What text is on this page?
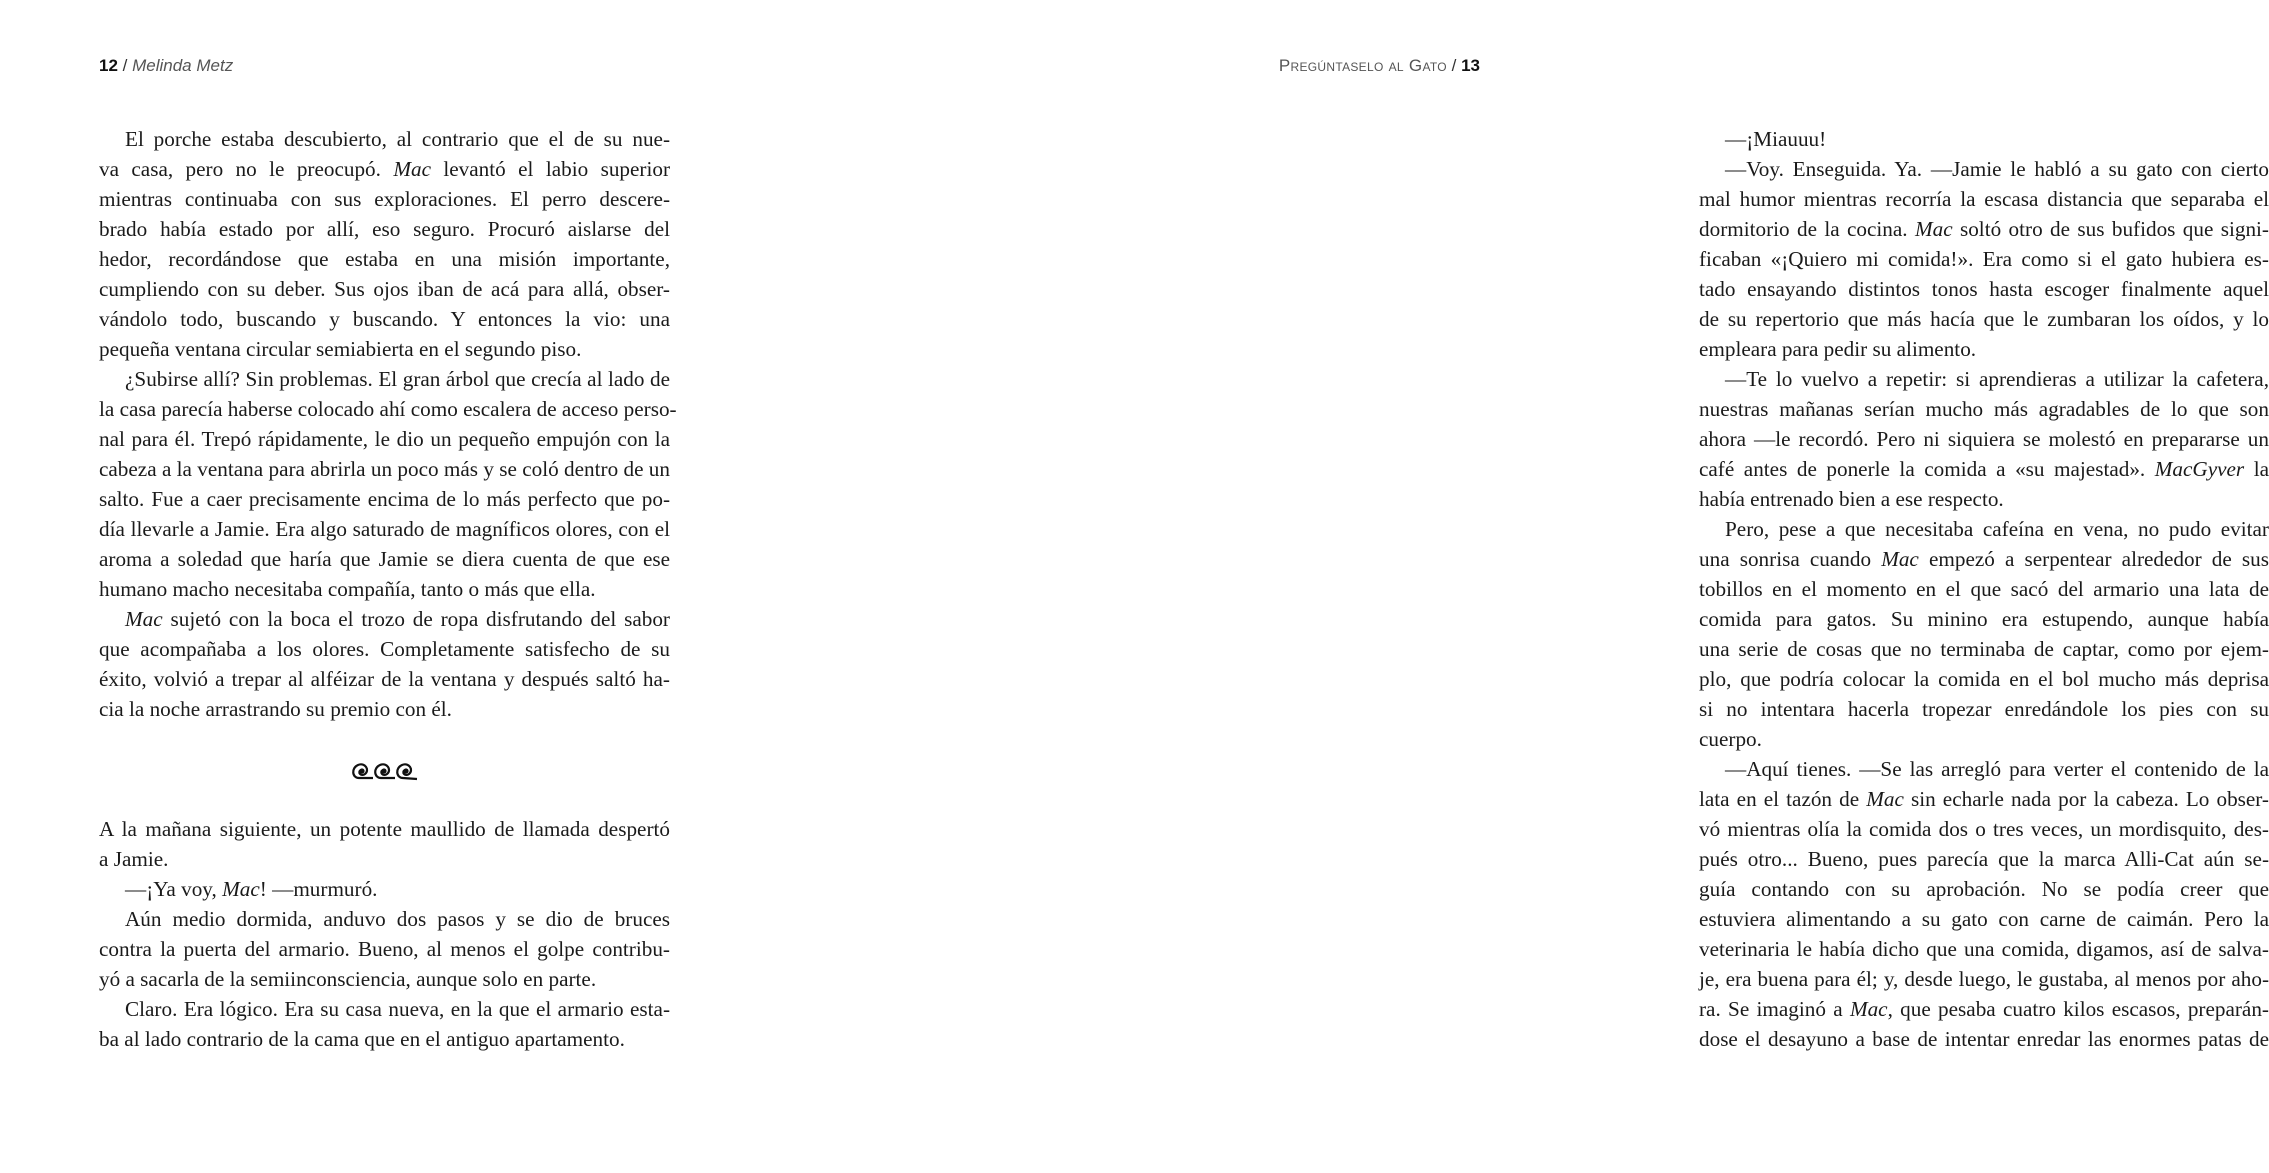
12 / Melinda Metz
El porche estaba descubierto, al contrario que el de su nue-
va casa, pero no le preocupó. Mac levantó el labio superior
mientras continuaba con sus exploraciones. El perro descere-
brado había estado por allí, eso seguro. Procuró aislarse del
hedor, recordándose que estaba en una misión importante,
cumpliendo con su deber. Sus ojos iban de acá para allá, obser-
vándolo todo, buscando y buscando. Y entonces la vio: una
pequeña ventana circular semiabierta en el segundo piso.
¿Subirse allí? Sin problemas. El gran árbol que crecía al lado de
la casa parecía haberse colocado ahí como escalera de acceso perso-
nal para él. Trepó rápidamente, le dio un pequeño empujón con la
cabeza a la ventana para abrirla un poco más y se coló dentro de un
salto. Fue a caer precisamente encima de lo más perfecto que po-
día llevarle a Jamie. Era algo saturado de magníficos olores, con el
aroma a soledad que haría que Jamie se diera cuenta de que ese
humano macho necesitaba compañía, tanto o más que ella.
Mac sujetó con la boca el trozo de ropa disfrutando del sabor
que acompañaba a los olores. Completamente satisfecho de su
éxito, volvió a trepar al alféizar de la ventana y después saltó ha-
cia la noche arrastrando su premio con él.
A la mañana siguiente, un potente maullido de llamada despertó
a Jamie.
—¡Ya voy, Mac! —murmuró.
Aún medio dormida, anduvo dos pasos y se dio de bruces
contra la puerta del armario. Bueno, al menos el golpe contribu-
yó a sacarla de la semiinconsciencia, aunque solo en parte.
Claro. Era lógico. Era su casa nueva, en la que el armario esta-
ba al lado contrario de la cama que en el antiguo apartamento.
Pregúntaselo al Gato / 13
—¡Miauuu!
—Voy. Enseguida. Ya. —Jamie le habló a su gato con cierto
mal humor mientras recorría la escasa distancia que separaba el
dormitorio de la cocina. Mac soltó otro de sus bufidos que signi-
ficaban «¡Quiero mi comida!». Era como si el gato hubiera es-
tado ensayando distintos tonos hasta escoger finalmente aquel
de su repertorio que más hacía que le zumbaran los oídos, y lo
empleara para pedir su alimento.
—Te lo vuelvo a repetir: si aprendieras a utilizar la cafetera,
nuestras mañanas serían mucho más agradables de lo que son
ahora —le recordó. Pero ni siquiera se molestó en prepararse un
café antes de ponerle la comida a «su majestad». MacGyver la
había entrenado bien a ese respecto.
Pero, pese a que necesitaba cafeína en vena, no pudo evitar
una sonrisa cuando Mac empezó a serpentear alrededor de sus
tobillos en el momento en el que sacó del armario una lata de
comida para gatos. Su minino era estupendo, aunque había
una serie de cosas que no terminaba de captar, como por ejem-
plo, que podría colocar la comida en el bol mucho más deprisa
si no intentara hacerla tropezar enredándole los pies con su
cuerpo.
—Aquí tienes. —Se las arregló para verter el contenido de la
lata en el tazón de Mac sin echarle nada por la cabeza. Lo obser-
vó mientras olía la comida dos o tres veces, un mordisquito, des-
pués otro... Bueno, pues parecía que la marca Alli-Cat aún se-
guía contando con su aprobación. No se podía creer que
estuviera alimentando a su gato con carne de caimán. Pero la
veterinaria le había dicho que una comida, digamos, así de salva-
je, era buena para él; y, desde luego, le gustaba, al menos por aho-
ra. Se imaginó a Mac, que pesaba cuatro kilos escasos, preparán-
dose el desayuno a base de intentar enredar las enormes patas de
